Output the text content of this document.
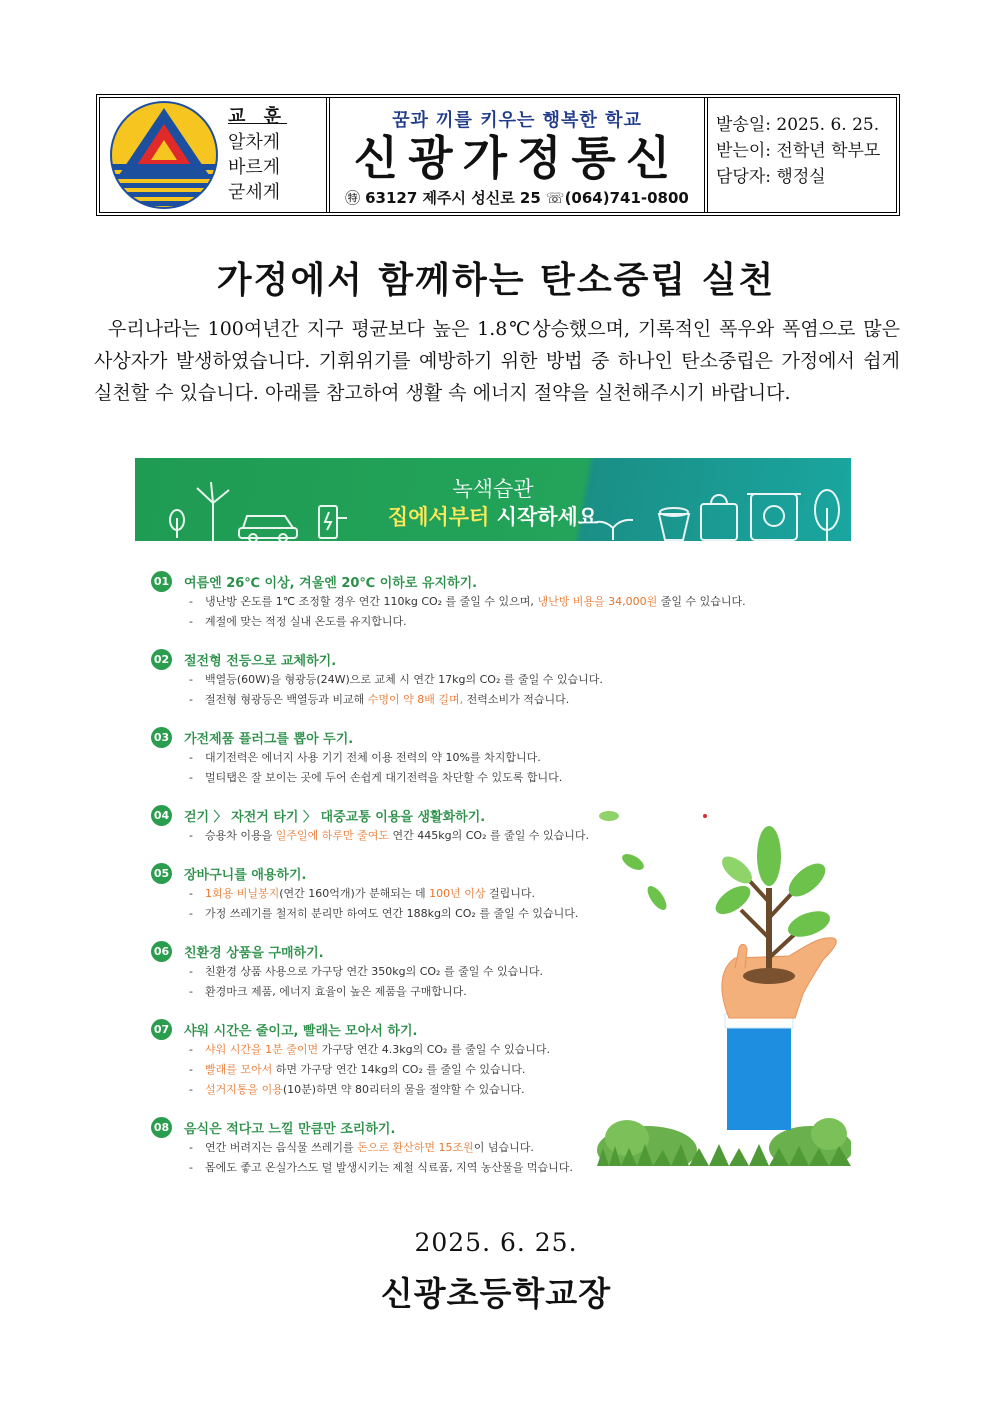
교 훈
알차게
바르게
굳세게
꿈과 끼를 키우는 행복한 학교
신광가정통신
㊕ 63127 제주시 성신로 25 ☏ (064)741-0800
발송일: 2025. 6. 25.
받는이: 전학년 학부모
담당자: 행정실
가정에서 함께하는 탄소중립 실천

우리나라는 100여년간 지구 평균보다 높은 1.8℃상승했으며, 기록적인 폭우와 폭염으로 많은 사상자가 발생하였습니다. 기휘위기를 예방하기 위한 방법 중 하나인 탄소중립은 가정에서 쉽게 실천할 수 있습니다. 아래를 참고하여 생활 속 에너지 절약을 실천해주시기 바랍니다.

녹색습관
집에서부터 시작하세요
01 여름엔 26℃ 이상, 겨울엔 20℃ 이하로 유지하기.
- 냉난방 온도를 1℃ 조정할 경우 연간 110kg CO₂ 를 줄일 수 있으며, 냉난방 비용을 34,000원 줄일 수 있습니다.
- 계절에 맞는 적정 실내 온도를 유지합니다.
02 절전형 전등으로 교체하기.
- 백열등(60W)을 형광등(24W)으로 교체 시 연간 17kg의 CO₂ 를 줄일 수 있습니다.
- 절전형 형광등은 백열등과 비교해 수명이 약 8배 길며, 전력소비가 적습니다.
03 가전제품 플러그를 뽑아 두기.
- 대기전력은 에너지 사용 기기 전체 이용 전력의 약 10%를 차지합니다.
- 멀티탭은 잘 보이는 곳에 두어 손쉽게 대기전력을 차단할 수 있도록 합니다.
04 걷기 〉 자전거 타기 〉 대중교통 이용을 생활화하기.
- 승용차 이용을 일주일에 하루만 줄여도 연간 445kg의 CO₂ 를 줄일 수 있습니다.
05 장바구니를 애용하기.
- 1회용 비닐봉지(연간 160억개)가 분해되는 데 100년 이상 걸립니다.
- 가정 쓰레기를 철저히 분리만 하여도 연간 188kg의 CO₂ 를 줄일 수 있습니다.
06 친환경 상품을 구매하기.
- 친환경 상품 사용으로 가구당 연간 350kg의 CO₂ 를 줄일 수 있습니다.
- 환경마크 제품, 에너지 효율이 높은 제품을 구매합니다.
07 샤워 시간은 줄이고, 빨래는 모아서 하기.
- 샤워 시간을 1분 줄이면 가구당 연간 4.3kg의 CO₂ 를 줄일 수 있습니다.
- 빨래를 모아서 하면 가구당 연간 14kg의 CO₂ 를 줄일 수 있습니다.
- 설거지통을 이용(10분)하면 약 80리터의 물을 절약할 수 있습니다.
08 음식은 적다고 느낄 만큼만 조리하기.
- 연간 버려지는 음식물 쓰레기를 돈으로 환산하면 15조원이 넘습니다.
- 몸에도 좋고 온실가스도 덜 발생시키는 제철 식료품, 지역 농산물을 먹습니다.
2025. 6. 25.
신광초등학교장
